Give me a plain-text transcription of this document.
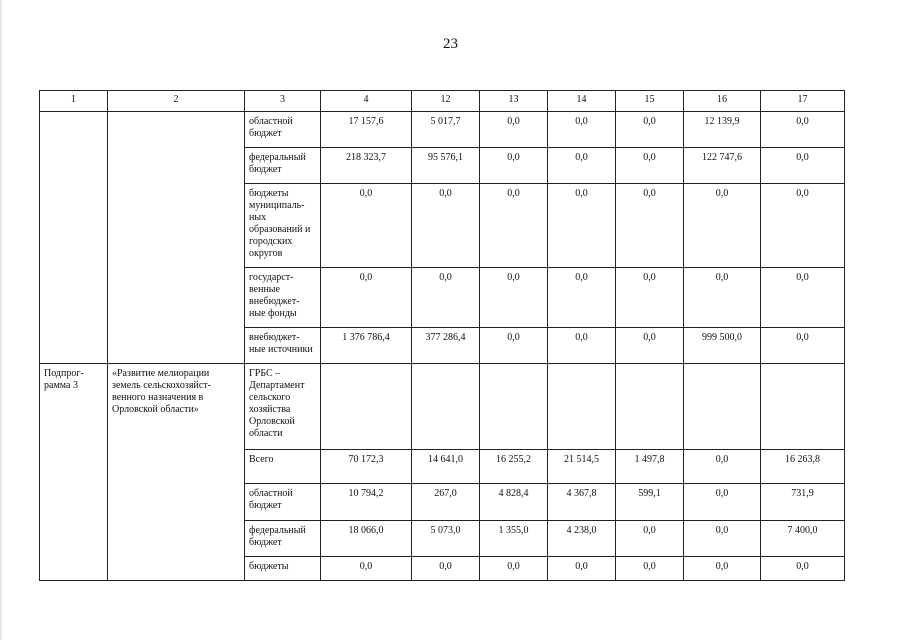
23
1	2	3	4	12	13	14	15	16	17
		областной бюджет	17 157,6	5 017,7	0,0	0,0	0,0	12 139,9	0,0
		федеральный бюджет	218 323,7	95 576,1	0,0	0,0	0,0	122 747,6	0,0
		бюджеты муниципаль-ных образований и городских округов	0,0	0,0	0,0	0,0	0,0	0,0	0,0
		государст-венные внебюджет-ные фонды	0,0	0,0	0,0	0,0	0,0	0,0	0,0
		внебюджет-ные источники	1 376 786,4	377 286,4	0,0	0,0	0,0	999 500,0	0,0
Подпрог-рамма 3	«Развитие мелиорации земель сельскохозяйст-венного назначения в Орловской области»	ГРБС – Департамент сельского хозяйства Орловской области							
		Всего	70 172,3	14 641,0	16 255,2	21 514,5	1 497,8	0,0	16 263,8
		областной бюджет	10 794,2	267,0	4 828,4	4 367,8	599,1	0,0	731,9
		федеральный бюджет	18 066,0	5 073,0	1 355,0	4 238,0	0,0	0,0	7 400,0
		бюджеты	0,0	0,0	0,0	0,0	0,0	0,0	0,0
